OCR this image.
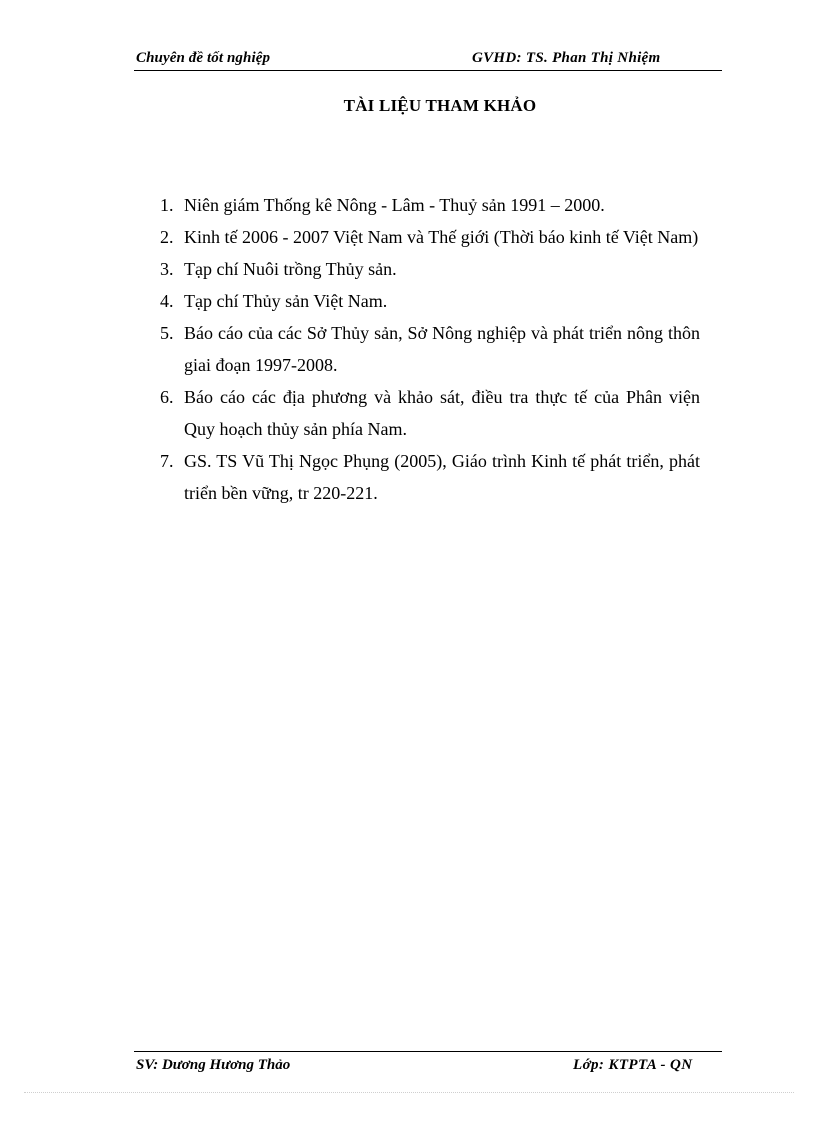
Chuyên đề tốt nghiệp	GVHD: TS. Phan Thị Nhiệm
TÀI LIỆU THAM KHẢO
1. Niên giám Thống kê Nông - Lâm - Thuỷ sản 1991 – 2000.
2. Kinh tế 2006 - 2007 Việt Nam và Thế giới (Thời báo kinh tế Việt Nam)
3. Tạp chí Nuôi trồng Thủy sản.
4. Tạp chí Thủy sản Việt Nam.
5. Báo cáo của các Sở Thủy sản, Sở Nông nghiệp và phát triển nông thôn giai đoạn 1997-2008.
6. Báo cáo các địa phương và khảo sát, điều tra thực tế của Phân viện Quy hoạch thủy sản phía Nam.
7. GS. TS Vũ Thị Ngọc Phụng (2005), Giáo trình Kinh tế phát triển, phát triển bền vững, tr 220-221.
SV: Dương Hương Thảo	Lớp: KTPTA - QN
